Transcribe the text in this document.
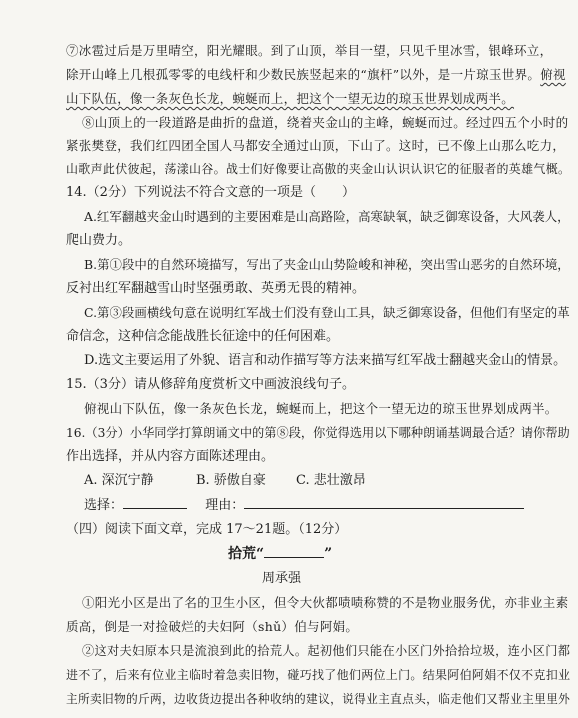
⑦冰雹过后是万里晴空，阳光耀眼。到了山顶，举目一望，只见千里冰雪，银峰环立，
除开山峰上几根孤零零的电线杆和少数民族竖起来的“旗杆”以外，是一片琼玉世界。俯视
山下队伍，像一条灰色长龙，蜿蜒而上，把这个一望无边的琼玉世界划成两半。
⑧山顶上的一段道路是曲折的盘道，绕着夹金山的主峰，蜿蜒而过。经过四五个小时的
紧张樊登，我们红四团全国人马都安全通过山顶，下山了。这时，已不像上山那么吃力，
山歌声此伏彼起，荡漾山谷。战士们好像要让高傲的夹金山认识认识它的征服者的英雄气概。
14.（2分）下列说法不符合文意的一项是（　　）
A.红军翻越夹金山时遇到的主要困难是山高路险，高寒缺氧，缺乏御寒设备，大风袭人，
爬山费力。
B.第①段中的自然环境描写，写出了夹金山山势险峻和神秘，突出雪山恶劣的自然环境，
反衬出红军翻越雪山时坚强勇敢、英勇无畏的精神。
C.第③段画横线句意在说明红军战士们没有登山工具，缺乏御寒设备，但他们有坚定的革
命信念，这种信念能战胜长征途中的任何困难。
D.选文主要运用了外貌、语言和动作描写等方法来描写红军战士翻越夹金山的情景。
15.（3分）请从修辞角度赏析文中画波浪线句子。
俯视山下队伍，像一条灰色长龙，蜿蜒而上，把这个一望无边的琼玉世界划成两半。
16.（3分）小华同学打算朗诵文中的第⑧段，你觉得选用以下哪种朗诵基调最合适？请你帮助
作出选择，并从内容方面陈述理由。
A. 深沉宁静	B. 骄傲自豪 C. 悲壮激昂
选择：	理由：
（四）阅读下面文章，完成 17～21题。（12分）
拾荒“	”
周承强
①阳光小区是出了名的卫生小区，但令大伙都啧啧称赞的不是物业服务优，亦非业主素
质高，倒是一对捡破烂的夫妇阿（shǔ）伯与阿娟。
②这对夫妇原本只是流浪到此的拾荒人。起初他们只能在小区门外拾拾垃圾，连小区门都
进不了，后来有位业主临时着急卖旧物，碰巧找了他们两位上门。结果阿伯阿娟不仅不克扣业
主所卖旧物的斤两，边收货边提出各种收纳的建议，说得业主直点头，临走他们又帮业主里里外
